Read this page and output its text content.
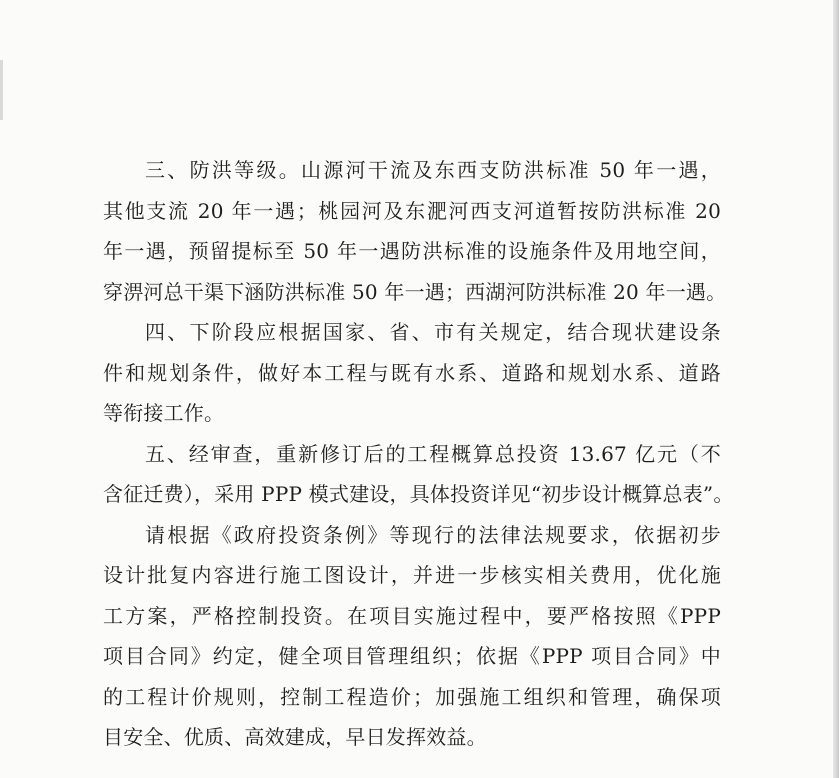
三、防洪等级。山源河干流及东西支防洪标准 50 年一遇，
其他支流 20 年一遇；桃园河及东淝河西支河道暂按防洪标准 20
年一遇，预留提标至 50 年一遇防洪标准的设施条件及用地空间，
穿淠河总干渠下涵防洪标准 50 年一遇；西湖河防洪标准 20 年一遇。
四、下阶段应根据国家、省、市有关规定，结合现状建设条
件和规划条件，做好本工程与既有水系、道路和规划水系、道路
等衔接工作。
五、经审查，重新修订后的工程概算总投资 13.67 亿元（不
含征迁费），采用 PPP 模式建设，具体投资详见“初步设计概算总表”。
请根据《政府投资条例》等现行的法律法规要求，依据初步
设计批复内容进行施工图设计，并进一步核实相关费用，优化施
工方案，严格控制投资。在项目实施过程中，要严格按照《PPP
项目合同》约定，健全项目管理组织；依据《PPP 项目合同》中
的工程计价规则，控制工程造价；加强施工组织和管理，确保项
目安全、优质、高效建成，早日发挥效益。
